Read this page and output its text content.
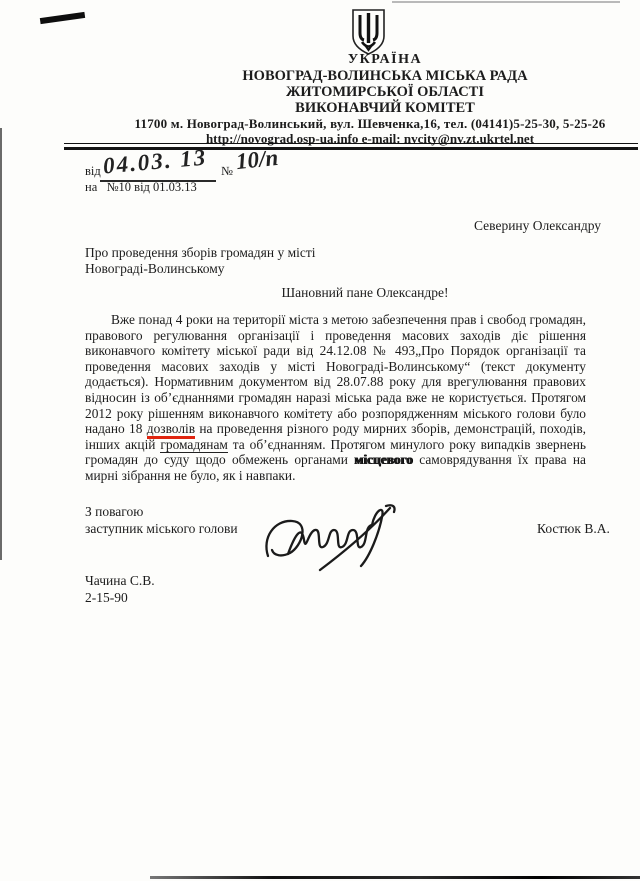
УКРАЇНА
НОВОГРАД-ВОЛИНСЬКА МІСЬКА РАДА
ЖИТОМИРСЬКОЇ ОБЛАСТІ
ВИКОНАВЧИЙ КОМІТЕТ
11700 м. Новоград-Волинський, вул. Шевченка,16, тел. (04141)5-25-30, 5-25-26
http://novograd.osp-ua.info e-mail: nvcity@nv.zt.ukrtel.net
від 04.03. 13 № 10/п
на   №10 від 01.03.13
Северину Олександру
Про проведення зборів громадян у місті
Новограді-Волинському
Шановний пане Олександре!
Вже понад 4 роки на території міста з метою забезпечення прав і свобод громадян, правового регулювання організації і проведення масових заходів діє рішення виконавчого комітету міської ради від 24.12.08 № 493„Про Порядок організації та проведення масових заходів у місті Новограді-Волинському“ (текст документу додається). Нормативним документом від 28.07.88 року для врегулювання правових відносин із об’єднаннями громадян наразі міська рада вже не користується. Протягом 2012 року рішенням виконавчого комітету або розпорядженням міського голови було надано 18 дозволів на проведення різного роду мирних зборів, демонстрацій, походів, інших акцій громадянам та об’єднанням. Протягом минулого року випадків звернень громадян до суду щодо обмежень органами місцевого самоврядування їх права на мирні зібрання не було, як і навпаки.
З повагою
заступник міського голови	Костюк В.А.
Чачина С.В.
2-15-90
